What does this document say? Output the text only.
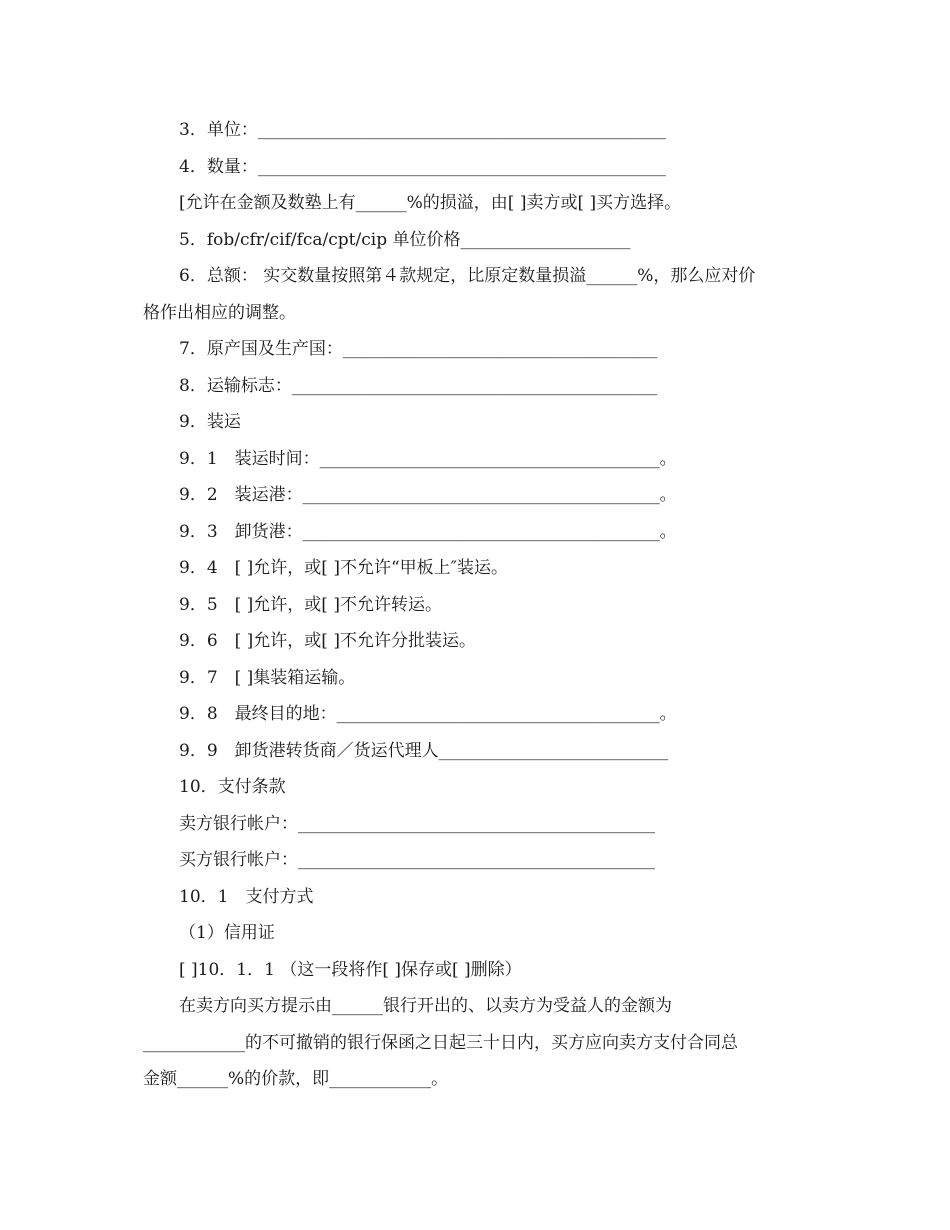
3．单位：________________________________________________
4．数量：________________________________________________
[允许在金额及数塾上有______%的损溢，由[ ]卖方或[ ]买方选择。
5．fob/cfr/cif/fca/cpt/cip 单位价格____________________
6．总额： 实交数量按照第４款规定，比原定数量损溢______%，那么应对价
格作出相应的调整。
7．原产国及生产国：_____________________________________
8．运输标志：___________________________________________
9．装运
9．1　装运时间：________________________________________。
9．2　装运港：__________________________________________。
9．3　卸货港：__________________________________________。
9．4　[ ]允许，或[ ]不允许“甲板上″装运。
9．5　[ ]允许，或[ ]不允许转运。
9．6　[ ]允许，或[ ]不允许分批装运。
9．7　[ ]集装箱运输。
9．8　最终目的地：______________________________________。
9．9　卸货港转货商／货运代理人___________________________
10．支付条款
卖方银行帐户：__________________________________________
买方银行帐户：__________________________________________
10．1　支付方式
（1）信用证
[ ]10．1．1 （这一段将作[ ]保存或[ ]删除）
在卖方向买方提示由______银行开出的、以卖方为受益人的金额为
____________的不可撤销的银行保函之日起三十日内，买方应向卖方支付合同总
金额______%的价款，即____________。
